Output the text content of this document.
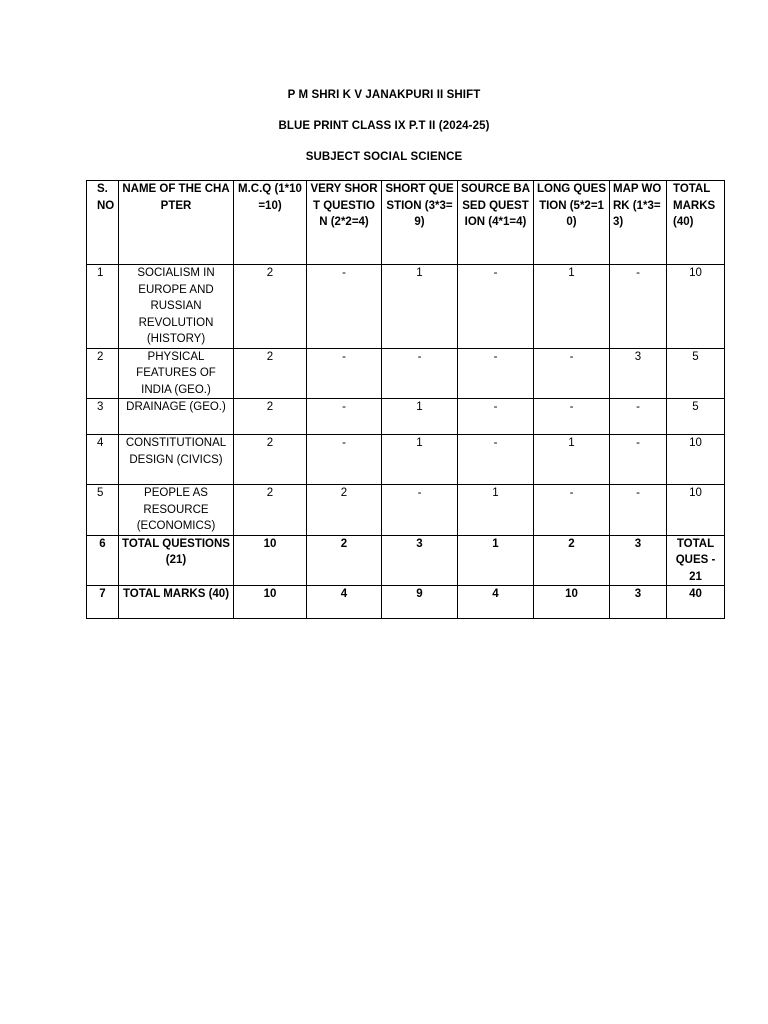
P M SHRI K V JANAKPURI II SHIFT
BLUE PRINT CLASS IX P.T II (2024-25)
SUBJECT SOCIAL SCIENCE
S.NO	NAME OF THE CHAPTER	M.C.Q (1*10=10)	VERY SHORT QUESTION (2*2=4)	SHORT QUESTION (3*3=9)	SOURCE BASED QUESTION (4*1=4)	LONG QUESTION (5*2=10)	MAP WORK (1*3=3)	TOTAL MARKS (40)
1	SOCIALISM IN EUROPE AND RUSSIAN REVOLUTION (HISTORY)	2	-	1	-	1	-	10
2	PHYSICAL FEATURES OF INDIA (GEO.)	2	-	-	-	-	3	5
3	DRAINAGE (GEO.)	2	-	1	-	-	-	5
4	CONSTITUTIONAL DESIGN (CIVICS)	2	-	1	-	1	-	10
5	PEOPLE AS RESOURCE (ECONOMICS)	2	2	-	1	-	-	10
6	TOTAL QUESTIONS (21)	10	2	3	1	2	3	TOTAL QUES - 21
7	TOTAL MARKS (40)	10	4	9	4	10	3	40
